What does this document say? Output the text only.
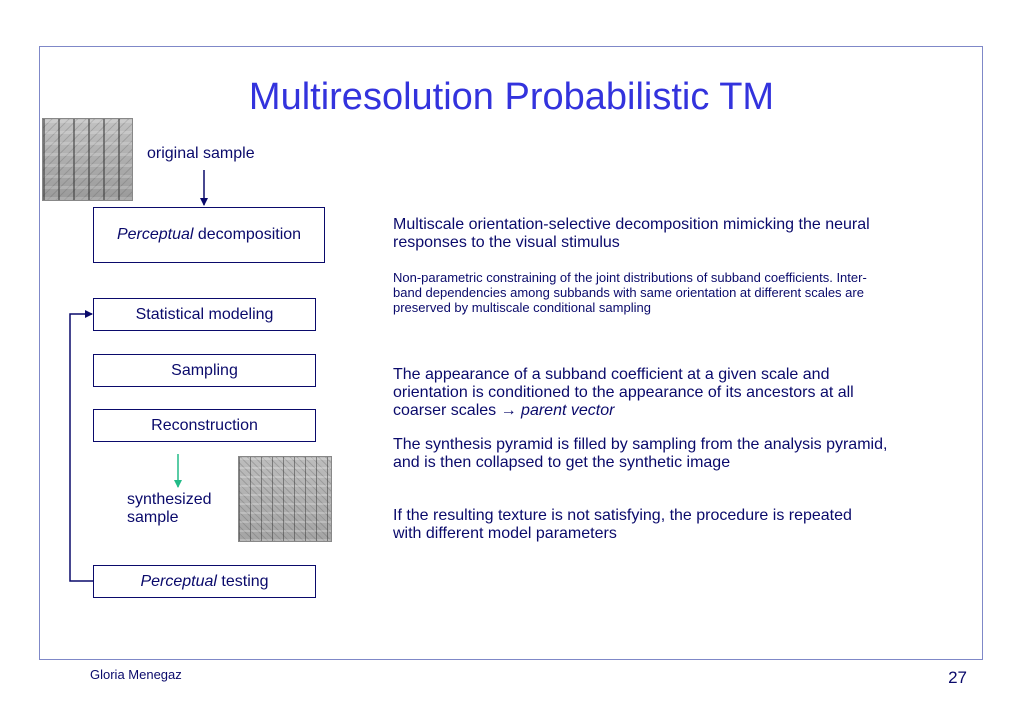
Multiresolution Probabilistic TM
original sample
synthesized
sample
Perceptual decomposition
Statistical modeling
Sampling
Reconstruction
Perceptual testing
Multiscale orientation-selective decomposition mimicking the neural responses to the visual stimulus
Non-parametric constraining of the joint distributions of subband coefficients. Inter-band dependencies among subbands with same orientation at different scales are preserved by multiscale conditional sampling
The appearance of a subband coefficient at a given scale and orientation is conditioned to the appearance of its ancestors at all coarser scales → parent vector
The synthesis pyramid is filled by sampling from the analysis pyramid, and is then collapsed to get the synthetic image
If the resulting texture is not satisfying, the procedure is repeated with different model parameters
Gloria Menegaz	27
